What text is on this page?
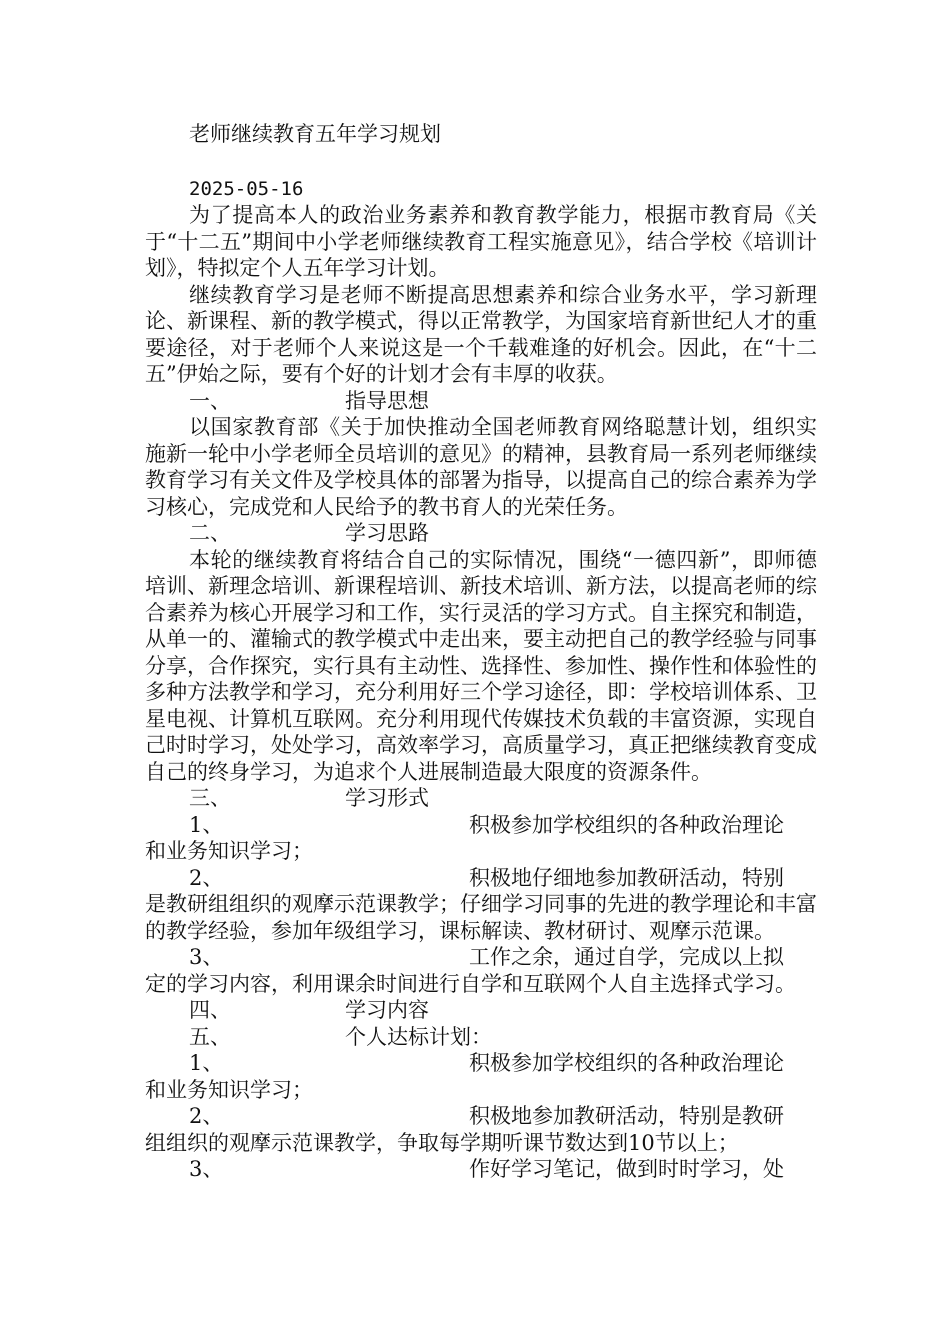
老师继续教育五年学习规划
2025-05-16

为了提高本人的政治业务素养和教育教学能力，根据市教育局《关于“十二五”期间中小学老师继续教育工程实施意见》，结合学校《培训计划》，特拟定个人五年学习计划。

继续教育学习是老师不断提高思想素养和综合业务水平，学习新理论、新课程、新的教学模式，得以正常教学，为国家培育新世纪人才的重要途径，对于老师个人来说这是一个千载难逢的好机会。因此，在“十二五”伊始之际，要有个好的计划才会有丰厚的收获。

一、	指导思想

以国家教育部《关于加快推动全国老师教育网络聪慧计划，组织实施新一轮中小学老师全员培训的意见》的精神，县教育局一系列老师继续教育学习有关文件及学校具体的部署为指导，以提高自己的综合素养为学习核心，完成党和人民给予的教书育人的光荣任务。

二、	学习思路

本轮的继续教育将结合自己的实际情况，围绕“一德四新”，即师德培训、新理念培训、新课程培训、新技术培训、新方法，以提高老师的综合素养为核心开展学习和工作，实行灵活的学习方式。自主探究和制造，从单一的、灌输式的教学模式中走出来，要主动把自己的教学经验与同事分享，合作探究，实行具有主动性、选择性、参加性、操作性和体验性的多种方法教学和学习，充分利用好三个学习途径，即：学校培训体系、卫星电视、计算机互联网。充分利用现代传媒技术负载的丰富资源，实现自己时时学习，处处学习，高效率学习，高质量学习，真正把继续教育变成自己的终身学习，为追求个人进展制造最大限度的资源条件。

三、	学习形式
1、	积极参加学校组织的各种政治理论
和业务知识学习；
2、	积极地仔细地参加教研活动，特别
是教研组组织的观摩示范课教学；仔细学习同事的先进的教学理论和丰富的教学经验，参加年级组学习，课标解读、教材研讨、观摩示范课。
3、	工作之余，通过自学，完成以上拟
定的学习内容，利用课余时间进行自学和互联网个人自主选择式学习。
四、	学习内容
五、	个人达标计划：
1、	积极参加学校组织的各种政治理论
和业务知识学习；
2、	积极地参加教研活动，特别是教研
组组织的观摩示范课教学，争取每学期听课节数达到10节以上；
3、	作好学习笔记，做到时时学习，处
